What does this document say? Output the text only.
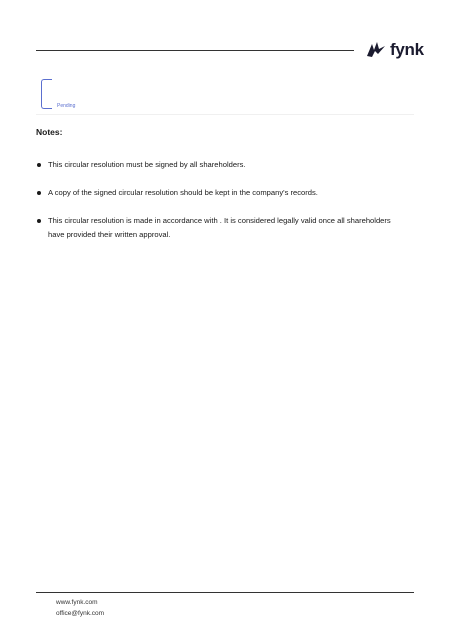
fynk
Pending
Notes:
This circular resolution must be signed by all shareholders.
A copy of the signed circular resolution should be kept in the company's records.
This circular resolution is made in accordance with . It is considered legally valid once all shareholders have provided their written approval.
www.fynk.com
office@fynk.com
